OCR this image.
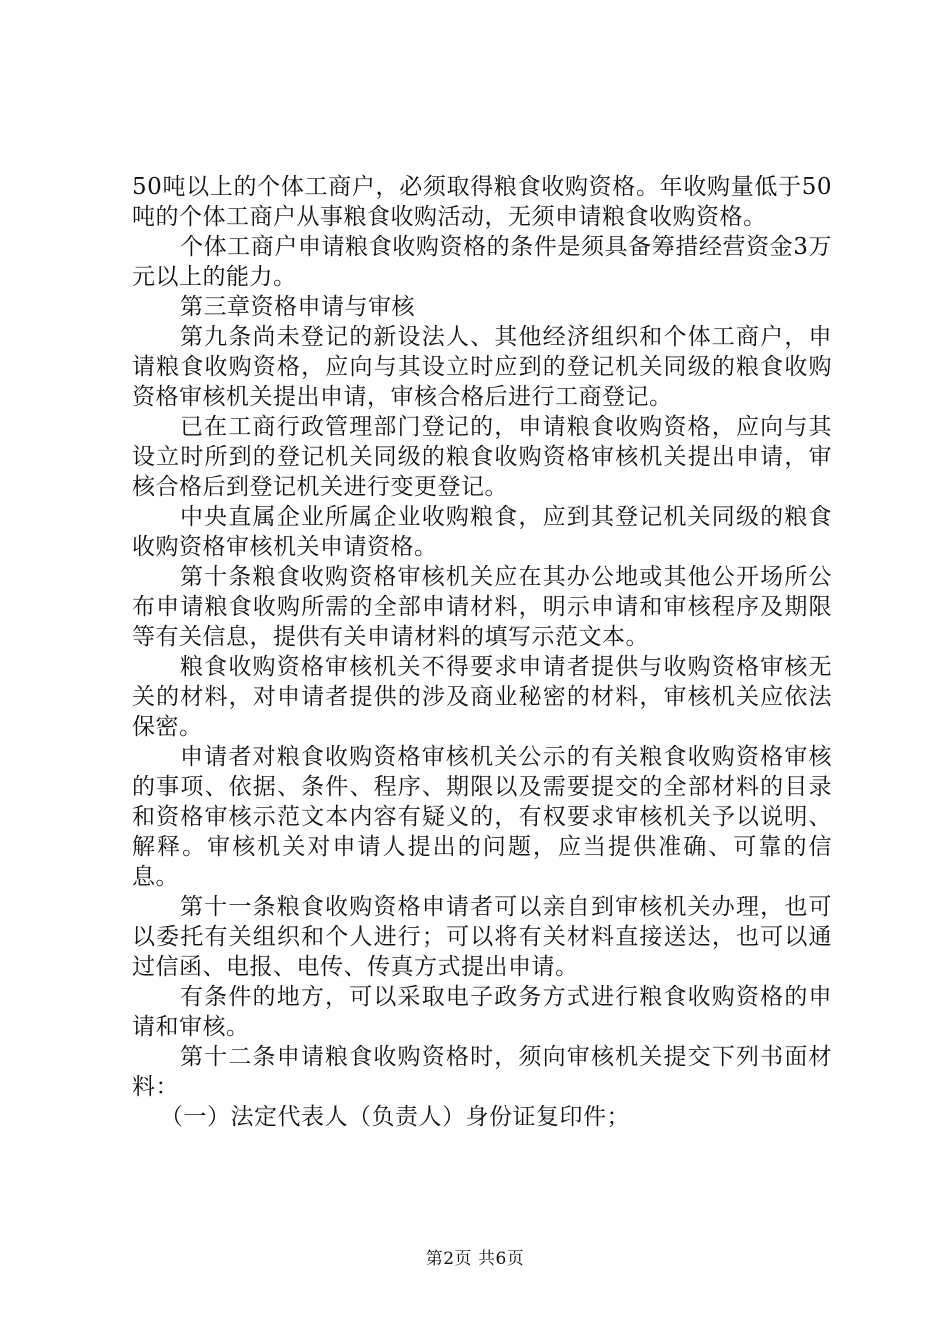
50吨以上的个体工商户，必须取得粮食收购资格。年收购量低于50吨的个体工商户从事粮食收购活动，无须申请粮食收购资格。

个体工商户申请粮食收购资格的条件是须具备筹措经营资金3万元以上的能力。

第三章资格申请与审核

第九条尚未登记的新设法人、其他经济组织和个体工商户，申请粮食收购资格，应向与其设立时应到的登记机关同级的粮食收购资格审核机关提出申请，审核合格后进行工商登记。

已在工商行政管理部门登记的，申请粮食收购资格，应向与其设立时所到的登记机关同级的粮食收购资格审核机关提出申请，审核合格后到登记机关进行变更登记。

中央直属企业所属企业收购粮食，应到其登记机关同级的粮食收购资格审核机关申请资格。

第十条粮食收购资格审核机关应在其办公地或其他公开场所公布申请粮食收购所需的全部申请材料，明示申请和审核程序及期限等有关信息，提供有关申请材料的填写示范文本。

粮食收购资格审核机关不得要求申请者提供与收购资格审核无关的材料，对申请者提供的涉及商业秘密的材料，审核机关应依法保密。

申请者对粮食收购资格审核机关公示的有关粮食收购资格审核的事项、依据、条件、程序、期限以及需要提交的全部材料的目录和资格审核示范文本内容有疑义的，有权要求审核机关予以说明、解释。审核机关对申请人提出的问题，应当提供准确、可靠的信息。

第十一条粮食收购资格申请者可以亲自到审核机关办理，也可以委托有关组织和个人进行；可以将有关材料直接送达，也可以通过信函、电报、电传、传真方式提出申请。

有条件的地方，可以采取电子政务方式进行粮食收购资格的申请和审核。

第十二条申请粮食收购资格时，须向审核机关提交下列书面材料：

（一）法定代表人（负责人）身份证复印件；

第2页 共6页
